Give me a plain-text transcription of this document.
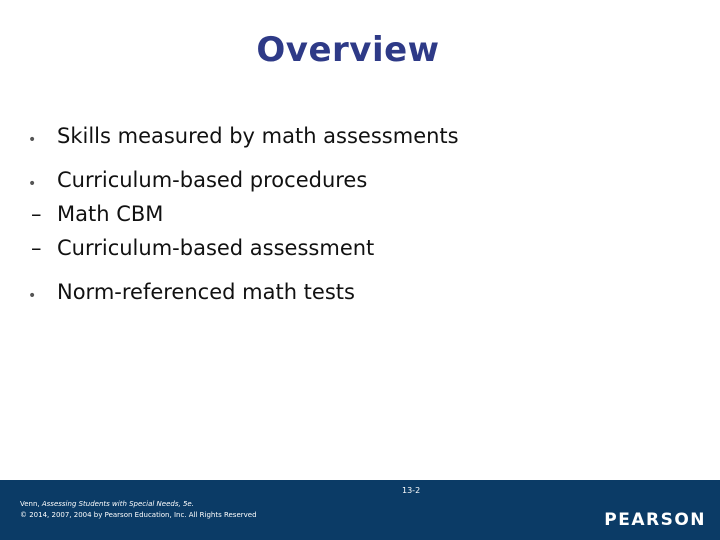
Overview
• Skills measured by math assessments
• Curriculum-based procedures
– Math CBM
– Curriculum-based assessment
• Norm-referenced math tests
Venn, Assessing Students with Special Needs, 5e.
© 2014, 2007, 2004 by Pearson Education, Inc. All Rights Reserved
13-2
PEARSON
